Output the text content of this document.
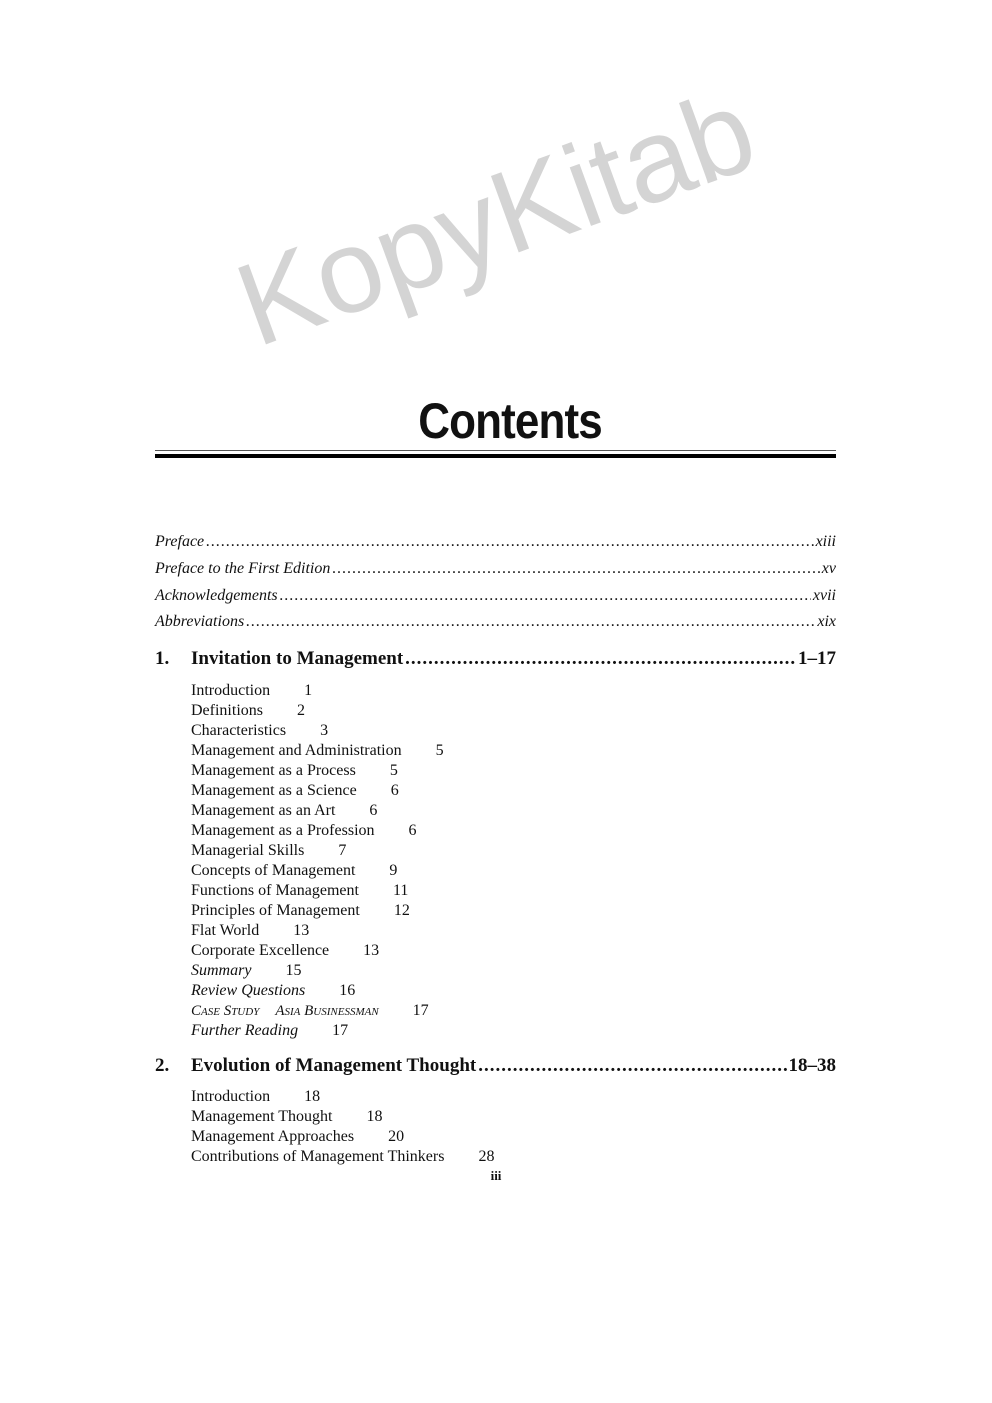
KopyKitab
Contents
Preface .....	xiii
Preface to the First Edition .....	xv
Acknowledgements .....	xvii
Abbreviations .....	xix
1.	Invitation to Management .....	1–17
Introduction 1
Definitions 2
Characteristics 3
Management and Administration 5
Management as a Process 5
Management as a Science 6
Management as an Art 6
Management as a Profession 6
Managerial Skills 7
Concepts of Management 9
Functions of Management 11
Principles of Management 12
Flat World 13
Corporate Excellence 13
Summary 15
Review Questions 16
Case Study Asia Businessman 17
Further Reading 17
2.	Evolution of Management Thought .....	18–38
Introduction 18
Management Thought 18
Management Approaches 20
Contributions of Management Thinkers 28
iii
